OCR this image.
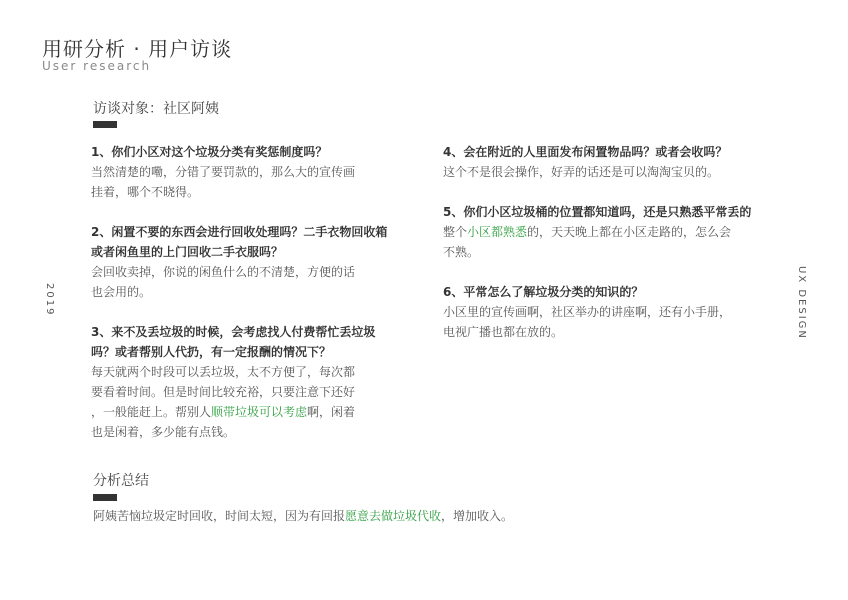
用研分析 · 用户访谈
User research
访谈对象：社区阿姨
2019	UX DESIGN

1、你们小区对这个垃圾分类有奖惩制度吗？

当然清楚的嘞，分错了要罚款的，那么大的宣传画
挂着，哪个不晓得。

2、闲置不要的东西会进行回收处理吗？二手衣物回收箱或者闲鱼里的上门回收二手衣服吗？

会回收卖掉，你说的闲鱼什么的不清楚，方便的话
也会用的。

3、来不及丢垃圾的时候，会考虑找人付费帮忙丢垃圾吗？或者帮别人代扔，有一定报酬的情况下？

每天就两个时段可以丢垃圾，太不方便了，每次都
要看着时间。但是时间比较充裕，只要注意下还好
，一般能赶上。帮别人顺带垃圾可以考虑啊，闲着
也是闲着，多少能有点钱。

4、会在附近的人里面发布闲置物品吗？或者会收吗？

这个不是很会操作，好弄的话还是可以淘淘宝贝的。

5、你们小区垃圾桶的位置都知道吗，还是只熟悉平常丢的

整个小区都熟悉的，天天晚上都在小区走路的，怎么会
不熟。

6、平常怎么了解垃圾分类的知识的？

小区里的宣传画啊，社区举办的讲座啊，还有小手册，
电视广播也都在放的。

分析总结
阿姨苦恼垃圾定时回收，时间太短，因为有回报愿意去做垃圾代收，增加收入。
